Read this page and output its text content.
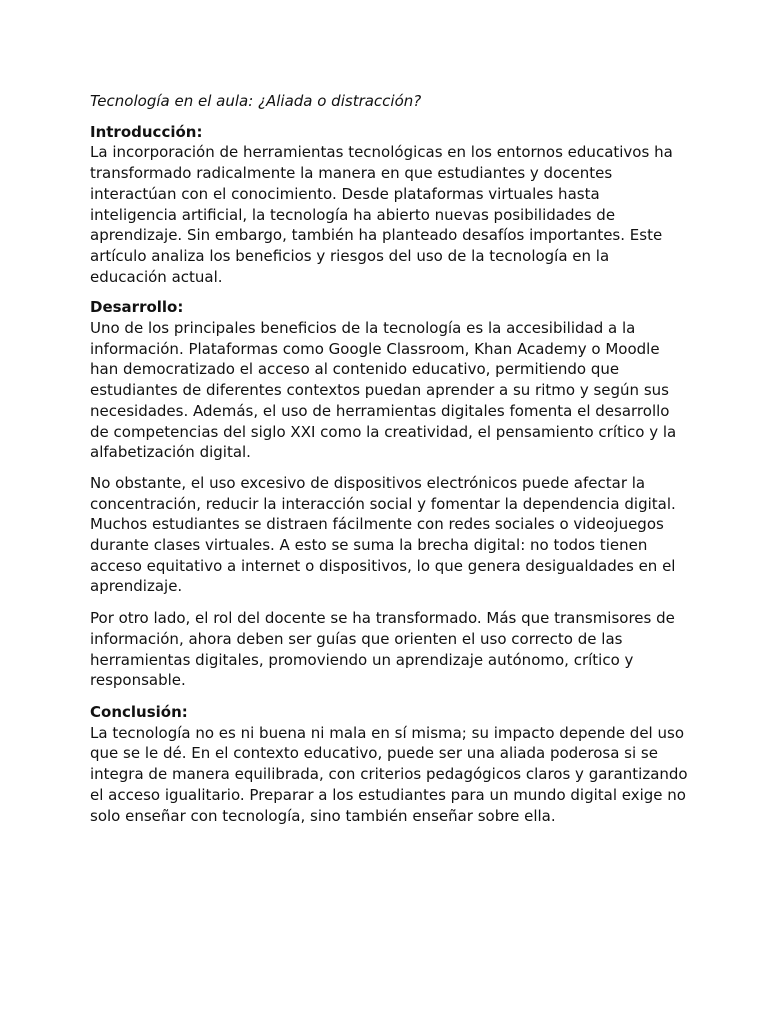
Tecnología en el aula: ¿Aliada o distracción?

Introducción:

La incorporación de herramientas tecnológicas en los entornos educativos ha transformado radicalmente la manera en que estudiantes y docentes interactúan con el conocimiento. Desde plataformas virtuales hasta inteligencia artificial, la tecnología ha abierto nuevas posibilidades de aprendizaje. Sin embargo, también ha planteado desafíos importantes. Este artículo analiza los beneficios y riesgos del uso de la tecnología en la educación actual.

Desarrollo:

Uno de los principales beneficios de la tecnología es la accesibilidad a la información. Plataformas como Google Classroom, Khan Academy o Moodle han democratizado el acceso al contenido educativo, permitiendo que estudiantes de diferentes contextos puedan aprender a su ritmo y según sus necesidades. Además, el uso de herramientas digitales fomenta el desarrollo de competencias del siglo XXI como la creatividad, el pensamiento crítico y la alfabetización digital.

No obstante, el uso excesivo de dispositivos electrónicos puede afectar la concentración, reducir la interacción social y fomentar la dependencia digital. Muchos estudiantes se distraen fácilmente con redes sociales o videojuegos durante clases virtuales. A esto se suma la brecha digital: no todos tienen acceso equitativo a internet o dispositivos, lo que genera desigualdades en el aprendizaje.

Por otro lado, el rol del docente se ha transformado. Más que transmisores de información, ahora deben ser guías que orienten el uso correcto de las herramientas digitales, promoviendo un aprendizaje autónomo, crítico y responsable.

Conclusión:

La tecnología no es ni buena ni mala en sí misma; su impacto depende del uso que se le dé. En el contexto educativo, puede ser una aliada poderosa si se integra de manera equilibrada, con criterios pedagógicos claros y garantizando el acceso igualitario. Preparar a los estudiantes para un mundo digital exige no solo enseñar con tecnología, sino también enseñar sobre ella.
